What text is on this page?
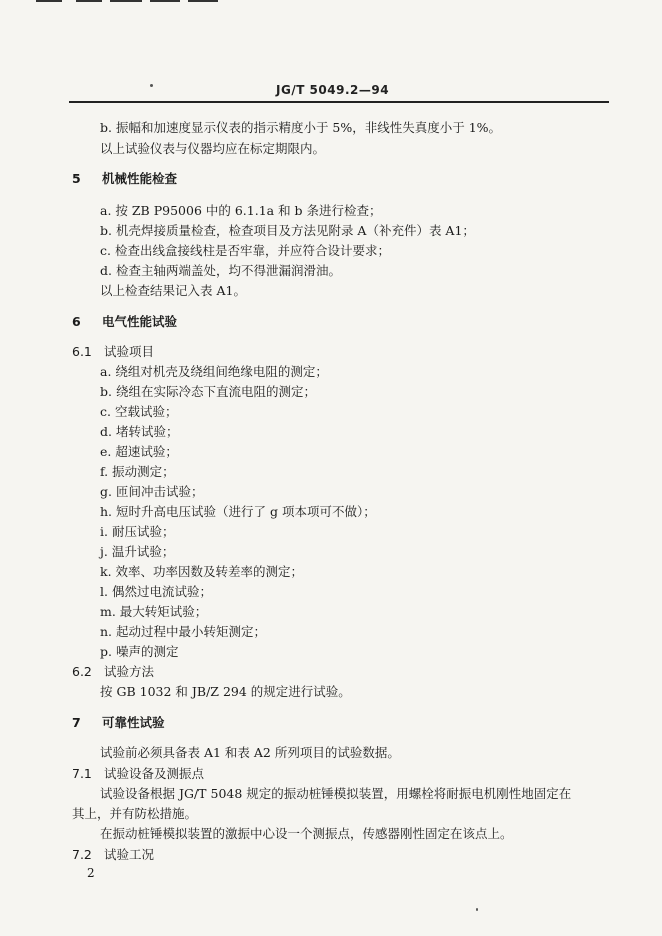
JG/T 5049.2—94
b. 振幅和加速度显示仪表的指示精度小于 5%，非线性失真度小于 1%。
以上试验仪表与仪器均应在标定期限内。
5 机械性能检查
a. 按 ZB P95006 中的 6.1.1a 和 b 条进行检查；
b. 机壳焊接质量检查，检查项目及方法见附录 A（补充件）表 A1；
c. 检查出线盒接线柱是否牢靠，并应符合设计要求；
d. 检查主轴两端盖处，均不得泄漏润滑油。
以上检查结果记入表 A1。
6 电气性能试验
6.1 试验项目
a. 绕组对机壳及绕组间绝缘电阻的测定；
b. 绕组在实际冷态下直流电阻的测定；
c. 空载试验；
d. 堵转试验；
e. 超速试验；
f. 振动测定；
g. 匝间冲击试验；
h. 短时升高电压试验（进行了 g 项本项可不做）；
i. 耐压试验；
j. 温升试验；
k. 效率、功率因数及转差率的测定；
l. 偶然过电流试验；
m. 最大转矩试验；
n. 起动过程中最小转矩测定；
p. 噪声的测定
6.2 试验方法
按 GB 1032 和 JB/Z 294 的规定进行试验。
7 可靠性试验
试验前必须具备表 A1 和表 A2 所列项目的试验数据。
7.1 试验设备及测振点
试验设备根据 JG/T 5048 规定的振动桩锤模拟装置，用螺栓将耐振电机刚性地固定在
其上，并有防松措施。
在振动桩锤模拟装置的激振中心设一个测振点，传感器刚性固定在该点上。
7.2 试验工况
2
